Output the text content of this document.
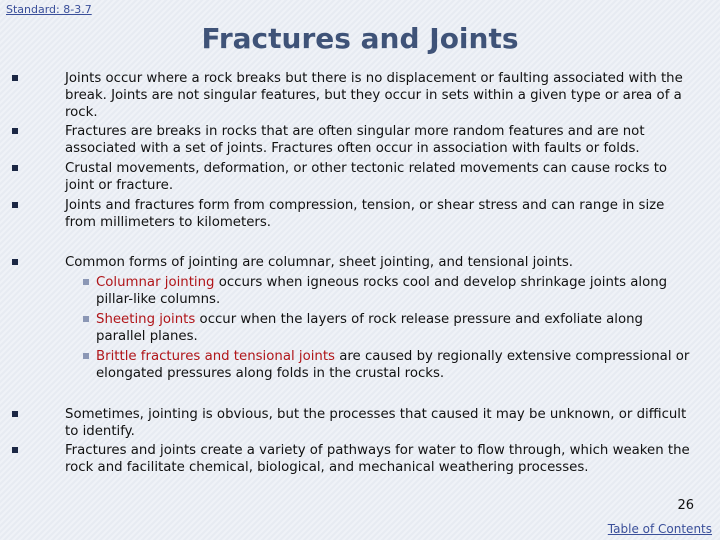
Standard: 8-3.7
Fractures and Joints
Joints occur where a rock breaks but there is no displacement or faulting associated with the break. Joints are not singular features, but they occur in sets within a given type or area of a rock.
Fractures are breaks in rocks that are often singular more random features and are not associated with a set of joints. Fractures often occur in association with faults or folds.
Crustal movements, deformation, or other tectonic related movements can cause rocks to joint or fracture.
Joints and fractures form from compression, tension, or shear stress and can range in size from millimeters to kilometers.
Common forms of jointing are columnar, sheet jointing, and tensional joints.
Columnar jointing occurs when igneous rocks cool and develop shrinkage joints along pillar-like columns.
Sheeting joints occur when the layers of rock release pressure and exfoliate along parallel planes.
Brittle fractures and tensional joints are caused by regionally extensive compressional or elongated pressures along folds in the crustal rocks.
Sometimes, jointing is obvious, but the processes that caused it may be unknown, or difficult to identify.
Fractures and joints create a variety of pathways for water to flow through, which weaken the rock and facilitate chemical, biological, and mechanical weathering processes.
26
Table of Contents
